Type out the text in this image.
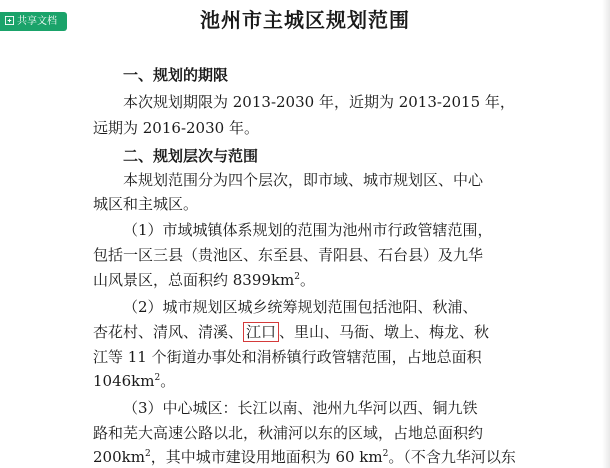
共享文档	池州市主城区规划范围
一、规划的期限
本次规划期限为 2013-2030 年，近期为 2013-2015 年，
远期为 2016-2030 年。
二、规划层次与范围
本规划范围分为四个层次，即市域、城市规划区、中心
城区和主城区。
（1）市域城镇体系规划的范围为池州市行政管辖范围，
包括一区三县（贵池区、东至县、青阳县、石台县）及九华
山风景区，总面积约 $8399km^2$。
（2）城市规划区城乡统筹规划范围包括池阳、秋浦、
杏花村、清风、清溪、 江口 、里山、马衙、墩上、梅龙、秋
江等 11 个街道办事处和涓桥镇行政管辖范围，占地总面积
$1046km^2$。
（3）中心城区：长江以南、池州九华河以西、铜九铁
路和芜大高速公路以北，秋浦河以东的区域，占地总面积约
$200km^2$，其中城市建设用地面积为 60 $km^2$。（不含九华河以东
